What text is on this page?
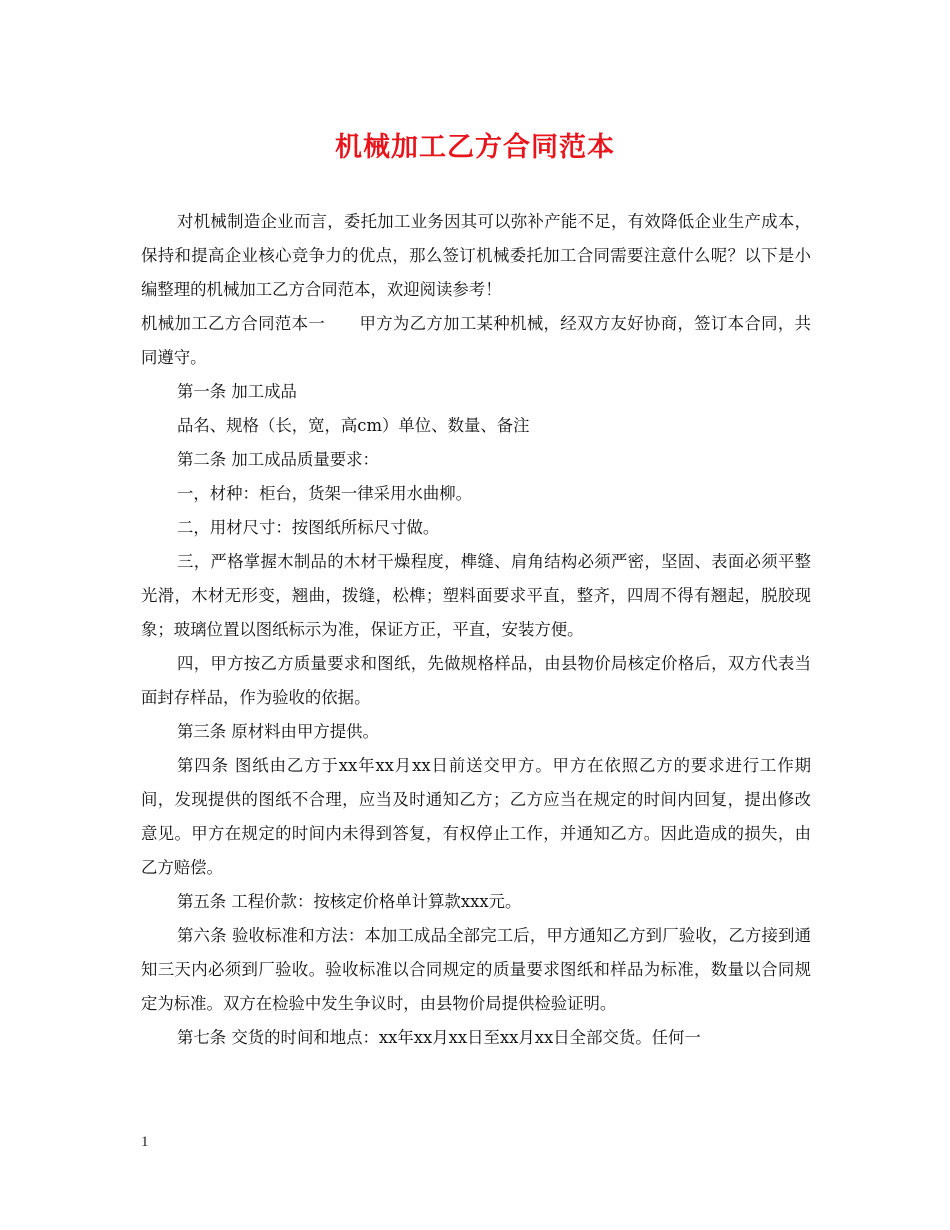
机械加工乙方合同范本

对机械制造企业而言，委托加工业务因其可以弥补产能不足，有效降低企业生产成本，保持和提高企业核心竞争力的优点，那么签订机械委托加工合同需要注意什么呢？以下是小编整理的机械加工乙方合同范本，欢迎阅读参考！

机械加工乙方合同范本一 甲方为乙方加工某种机械，经双方友好协商，签订本合同，共同遵守。

第一条 加工成品

品名、规格（长，宽，高cm）单位、数量、备注

第二条 加工成品质量要求：

一，材种：柜台，货架一律采用水曲柳。

二，用材尺寸：按图纸所标尺寸做。

三，严格掌握木制品的木材干燥程度，榫缝、肩角结构必须严密，坚固、表面必须平整光滑，木材无形变，翘曲，拨缝，松榫；塑料面要求平直，整齐，四周不得有翘起，脱胶现象；玻璃位置以图纸标示为准，保证方正，平直，安装方便。

四，甲方按乙方质量要求和图纸，先做规格样品，由县物价局核定价格后，双方代表当面封存样品，作为验收的依据。

第三条 原材料由甲方提供。

第四条 图纸由乙方于xx年xx月xx日前送交甲方。甲方在依照乙方的要求进行工作期间，发现提供的图纸不合理，应当及时通知乙方；乙方应当在规定的时间内回复，提出修改意见。甲方在规定的时间内未得到答复，有权停止工作，并通知乙方。因此造成的损失，由乙方赔偿。

第五条 工程价款：按核定价格单计算款xxx元。

第六条 验收标准和方法：本加工成品全部完工后，甲方通知乙方到厂验收，乙方接到通知三天内必须到厂验收。验收标准以合同规定的质量要求图纸和样品为标准，数量以合同规定为标准。双方在检验中发生争议时，由县物价局提供检验证明。

第七条 交货的时间和地点：xx年xx月xx日至xx月xx日全部交货。任何一

1
